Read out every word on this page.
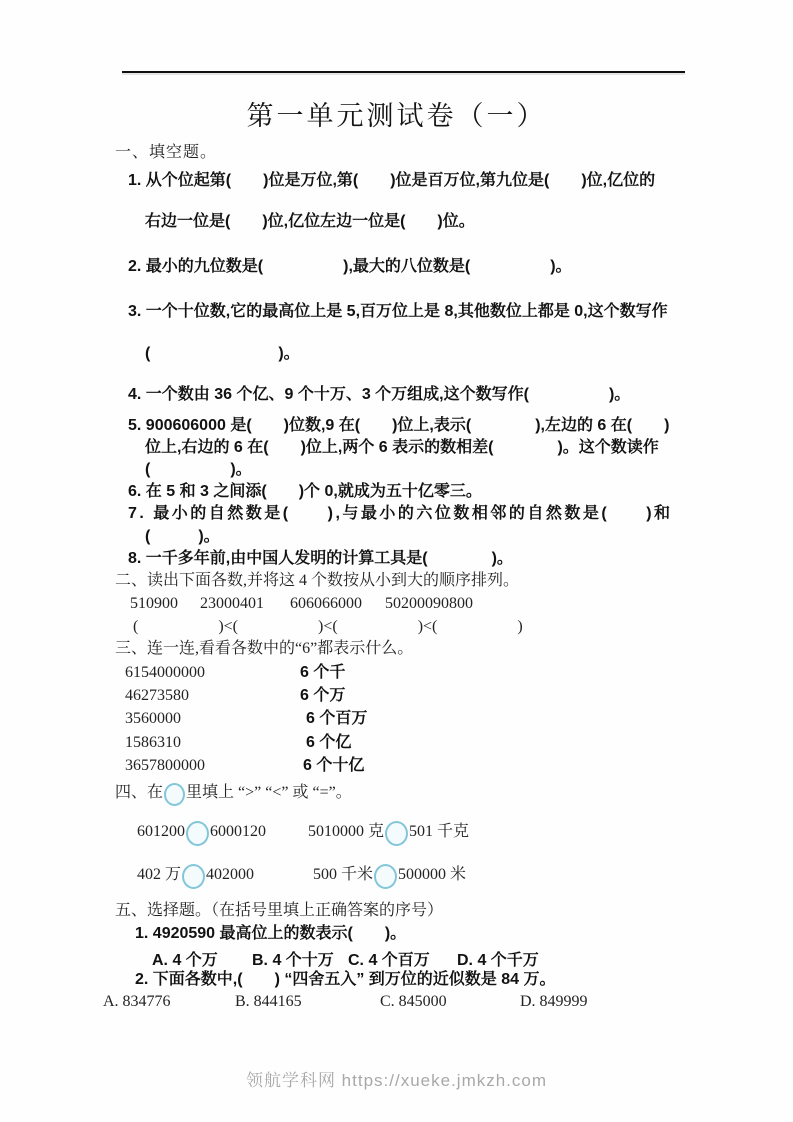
第一单元测试卷（一）
一、填空题。
1. 从个位起第(　　)位是万位,第(　　)位是百万位,第九位是(　　)位,亿位的
右边一位是(　　)位,亿位左边一位是(　　)位。
2. 最小的九位数是(　　　　　),最大的八位数是(　　　　　)。
3. 一个十位数,它的最高位上是 5,百万位上是 8,其他数位上都是 0,这个数写作
(　　　　　　　　)。
4. 一个数由 36 个亿、9 个十万、3 个万组成,这个数写作(　　　　　)。
5. 900606000 是(　　)位数,9 在(　　)位上,表示(　　　　),左边的 6 在(　　)
位上,右边的 6 在(　　)位上,两个 6 表示的数相差(　　　　)。这个数读作
(　　　　　)。
6. 在 5 和 3 之间添(　　)个 0,就成为五十亿零三。
7. 最小的自然数是(　　),与最小的六位数相邻的自然数是(　　)和
(　　　)。
8. 一千多年前,由中国人发明的计算工具是(　　　　)。
二、读出下面各数,并将这 4 个数按从小到大的顺序排列。
510900 23000401 606066000 50200090800
(　　　　　)<(　　　　　)<(　　　　　)<(　　　　　)
三、连一连,看看各数中的“6”都表示什么。
6154000000	6 个千
46273580	6 个万
3560000	6 个百万
1586310	6 个亿
3657800000	6 个十亿
四、在 里填上 “>” “<” 或 “=”。
601200 6000120	5010000 克 501 千克
402 万 402000	500 千米 500000 米
五、选择题。（在括号里填上正确答案的序号）
1. 4920590 最高位上的数表示(　　)。
A. 4 个万 B. 4 个十万 C. 4 个百万 D. 4 个千万
2. 下面各数中,(　　) “四舍五入” 到万位的近似数是 84 万。
A. 834776	B. 844165	C. 845000	D. 849999
领航学科网 https://xueke.jmkzh.com
